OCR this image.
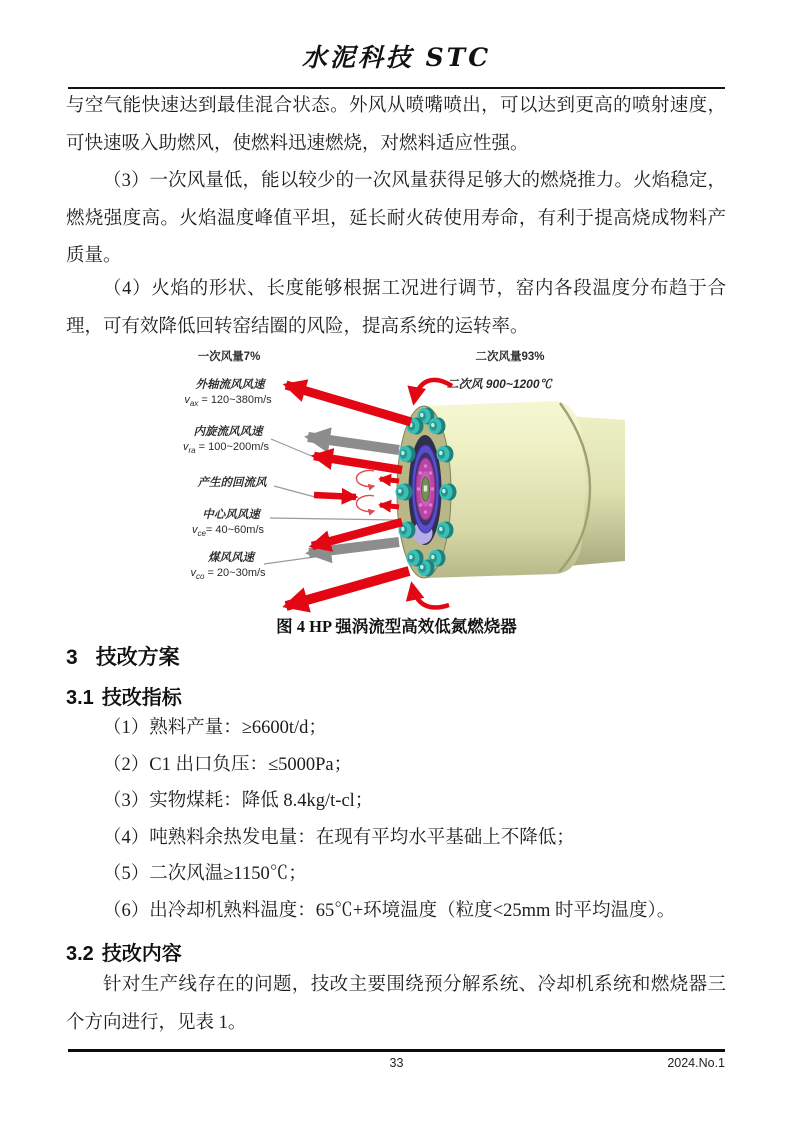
水泥科技 STC
与空气能快速达到最佳混合状态。外风从喷嘴喷出，可以达到更高的喷射速度，可快速吸入助燃风，使燃料迅速燃烧，对燃料适应性强。
（3）一次风量低，能以较少的一次风量获得足够大的燃烧推力。火焰稳定，燃烧强度高。火焰温度峰值平坦，延长耐火砖使用寿命，有利于提高烧成物料产质量。
（4）火焰的形状、长度能够根据工况进行调节，窑内各段温度分布趋于合理，可有效降低回转窑结圈的风险，提高系统的运转率。
一次风量7%	二次风量93%
二次风 900~1200℃
外轴流风风速
$v_{ax}$ = 120~380m/s
内旋流风风速
$v_{ra}$ = 100~200m/s
产生的回流风
中心风风速
$v_{ce}=$ 40~60m/s
煤风风速
$v_{co}$ = 20~30m/s
图 4 HP 强涡流型高效低氮燃烧器
3 技改方案
3.1 技改指标
（1）熟料产量：≥6600t/d；
（2）C1 出口负压：≤5000Pa；
（3）实物煤耗：降低 8.4kg/t-cl；
（4）吨熟料余热发电量：在现有平均水平基础上不降低；
（5）二次风温≥1150℃；
（6）出冷却机熟料温度：65℃+环境温度（粒度<25mm 时平均温度）。
3.2 技改内容
针对生产线存在的问题，技改主要围绕预分解系统、冷却机系统和燃烧器三个方向进行，见表 1。
33	2024.No.1
